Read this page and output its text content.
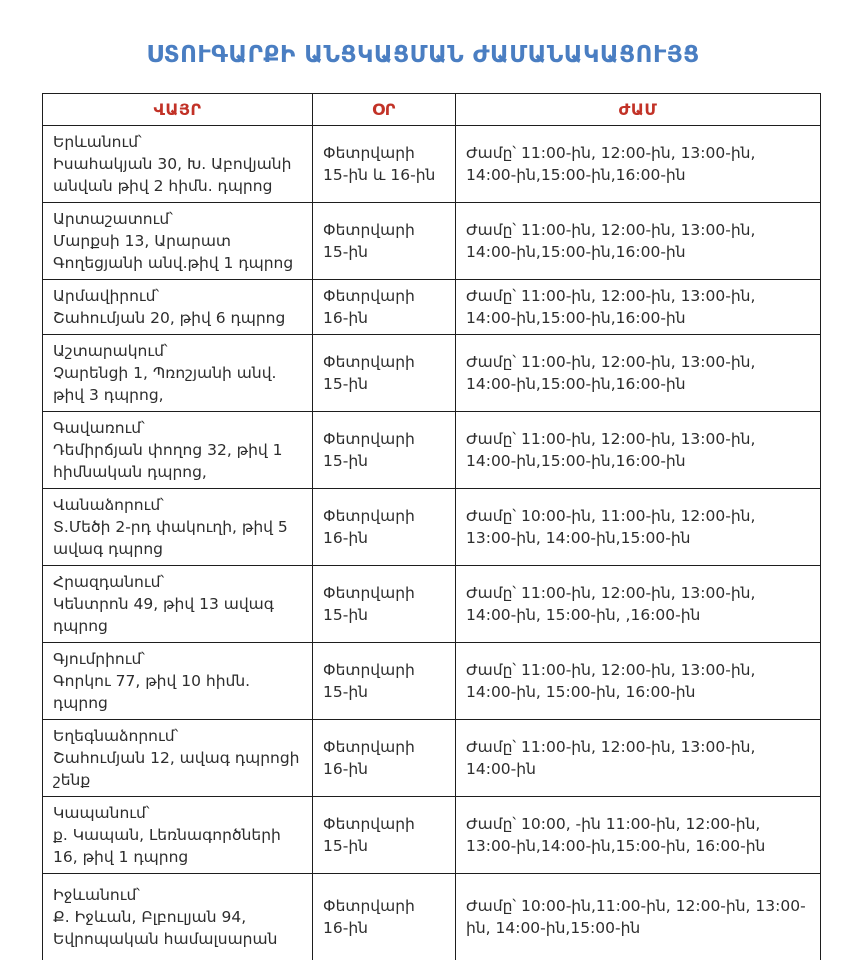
ՍՏՈՒԳԱՐՔԻ ԱՆՑԿԱՑՄԱՆ ԺԱՄԱՆԱԿԱՑՈՒՅՑ
ՎԱՅՐ	ՕՐ	ԺԱՄ

Երևանում՝
Իսահակյան 30, Խ. Աբովյանի անվան թիվ 2 հիմն. դպրոց	Փետրվարի 15-ին և 16-ին	Ժամը՝ 11:00-ին, 12:00-ին, 13:00-ին, 14:00-ին,15:00-ին,16:00-ին

Արտաշատում՝
Մարքսի 13, Արարատ Գողեցյանի անվ.թիվ 1 դպրոց	Փետրվարի 15-ին	Ժամը՝ 11:00-ին, 12:00-ին, 13:00-ին, 14:00-ին,15:00-ին,16:00-ին

Արմավիրում՝
Շահումյան 20, թիվ 6 դպրոց	Փետրվարի 16-ին	Ժամը՝ 11:00-ին, 12:00-ին, 13:00-ին, 14:00-ին,15:00-ին,16:00-ին

Աշտարակում՝
Չարենցի 1, Պռոշյանի անվ. թիվ 3 դպրոց,	Փետրվարի 15-ին	Ժամը՝ 11:00-ին, 12:00-ին, 13:00-ին, 14:00-ին,15:00-ին,16:00-ին

Գավառում՝
Դեմիրճյան փողոց 32, թիվ 1 հիմնական դպրոց,	Փետրվարի 15-ին	Ժամը՝ 11:00-ին, 12:00-ին, 13:00-ին, 14:00-ին,15:00-ին,16:00-ին

Վանաձորում՝
Տ.Մեծի 2-րդ փակուղի, թիվ 5 ավագ դպրոց	Փետրվարի 16-ին	Ժամը՝ 10:00-ին, 11:00-ին, 12:00-ին, 13:00-ին, 14:00-ին,15:00-ին

Հրազդանում՝
Կենտրոն 49, թիվ 13 ավագ դպրոց	Փետրվարի 15-ին	Ժամը՝ 11:00-ին, 12:00-ին, 13:00-ին, 14:00-ին, 15:00-ին, ,16:00-ին

Գյումրիում՝
Գորկու 77, թիվ 10 հիմն. դպրոց	Փետրվարի 15-ին	Ժամը՝ 11:00-ին, 12:00-ին, 13:00-ին, 14:00-ին, 15:00-ին, 16:00-ին

Եղեգնաձորում՝
Շահումյան 12, ավագ դպրոցի շենք	Փետրվարի 16-ին	Ժամը՝ 11:00-ին, 12:00-ին, 13:00-ին, 14:00-ին

Կապանում՝
ք. Կապան, Լեռնագործների 16, թիվ 1 դպրոց	Փետրվարի 15-ին	Ժամը՝ 10:00, -ին 11:00-ին, 12:00-ին, 13:00-ին,14:00-ին,15:00-ին, 16:00-ին

Իջևանում՝
Ք. Իջևան, Բլբուլյան 94, Եվրոպական համալսարան	Փետրվարի 16-ին	Ժամը՝ 10:00-ին,11:00-ին, 12:00-ին, 13:00-ին, 14:00-ին,15:00-ին
